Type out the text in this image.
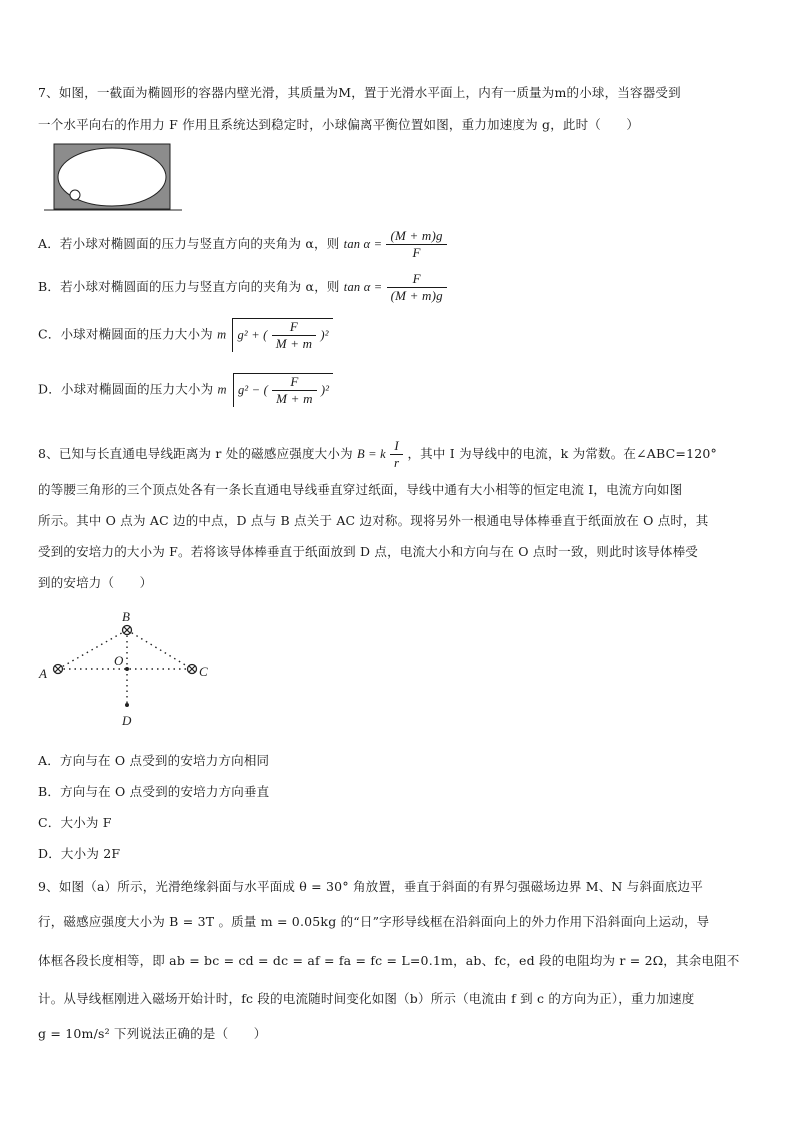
7、如图，一截面为椭圆形的容器内壁光滑，其质量为M，置于光滑水平面上，内有一质量为m的小球，当容器受到
一个水平向右的作用力 F 作用且系统达到稳定时，小球偏离平衡位置如图，重力加速度为 g，此时（　　）
A．若小球对椭圆面的压力与竖直方向的夹角为 α，则 $\tan \alpha = \frac{(M + m)g}{F}$
B．若小球对椭圆面的压力与竖直方向的夹角为 α，则 $\tan \alpha = \frac{F}{(M + m)g}$
C．小球对椭圆面的压力大小为 m g² + ( $\frac{F}{M + m} )^2$
D．小球对椭圆面的压力大小为 m g² − ( $\frac{F}{M + m} )^2$
8、已知与长直通电导线距离为 r 处的磁感应强度大小为 B = k $\frac{I}{r}$ ，其中 I 为导线中的电流，k 为常数。在∠ABC=120°
的等腰三角形的三个顶点处各有一条长直通电导线垂直穿过纸面，导线中通有大小相等的恒定电流 I，电流方向如图
所示。其中 O 点为 AC 边的中点，D 点与 B 点关于 AC 边对称。现将另外一根通电导体棒垂直于纸面放在 O 点时，其
受到的安培力的大小为 F。若将该导体棒垂直于纸面放到 D 点，电流大小和方向与在 O 点时一致，则此时该导体棒受
到的安培力（　　）
B
A	C
O
D
A．方向与在 O 点受到的安培力方向相同
B．方向与在 O 点受到的安培力方向垂直
C．大小为 F
D．大小为 2F
9、如图（a）所示，光滑绝缘斜面与水平面成 θ = 30° 角放置，垂直于斜面的有界匀强磁场边界 M、N 与斜面底边平
行，磁感应强度大小为 B = 3T 。质量 m = 0.05kg 的“日”字形导线框在沿斜面向上的外力作用下沿斜面向上运动，导
体框各段长度相等，即 ab = bc = cd = dc = af = fa = fc = L=0.1m，ab、fc，ed 段的电阻均为 r = 2Ω，其余电阻不
计。从导线框刚进入磁场开始计时，fc 段的电流随时间变化如图（b）所示（电流由 f 到 c 的方向为正），重力加速度
g = 10m/s² 下列说法正确的是（　　）
